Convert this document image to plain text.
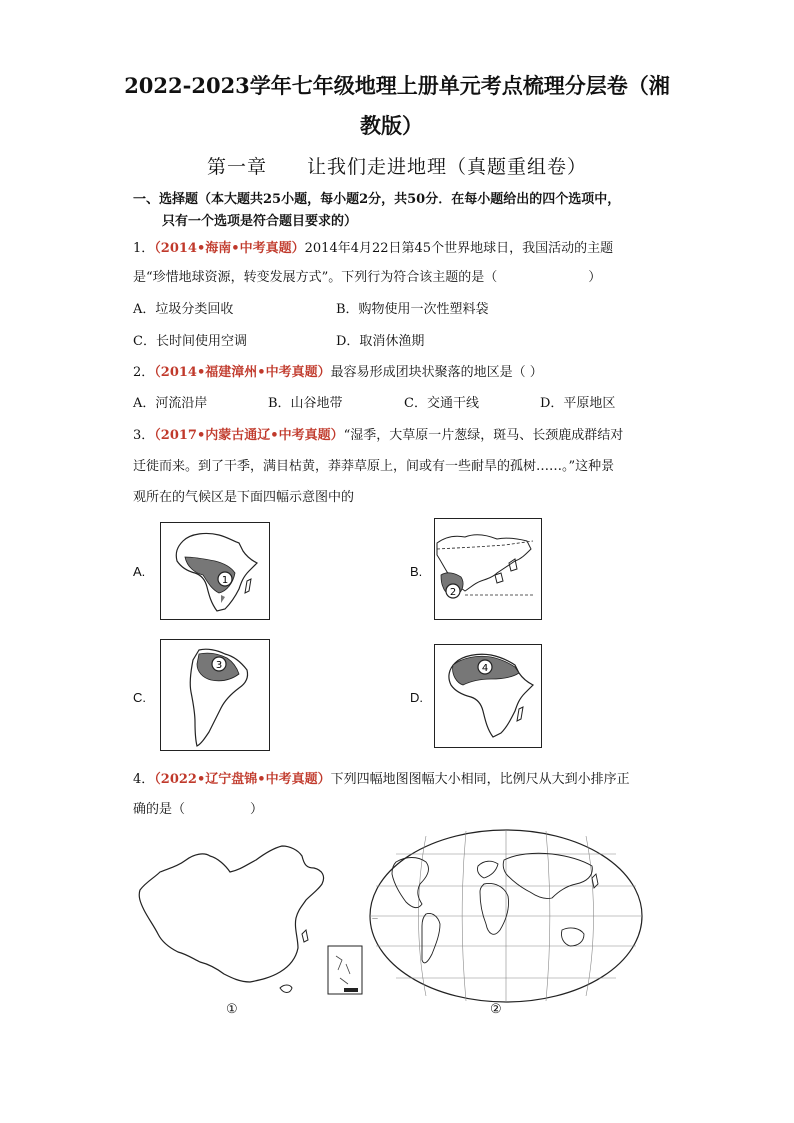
2022-2023学年七年级地理上册单元考点梳理分层卷（湘
教版）
第一章　　让我们走进地理（真题重组卷）
一、选择题（本大题共25小题，每小题2分，共50分．在每小题给出的四个选项中，
只有一个选项是符合题目要求的）
1．（2014•海南•中考真题）2014年4月22日第45个世界地球日，我国活动的主题
是“珍惜地球资源，转变发展方式”。下列行为符合该主题的是（　　　　　　　）
A．垃圾分类回收	B．购物使用一次性塑料袋
C．长时间使用空调	D．取消休渔期
2．（2014•福建漳州•中考真题）最容易形成团块状聚落的地区是（ ）
A．河流沿岸	B．山谷地带	C．交通干线	D．平原地区
3．（2017•内蒙古通辽•中考真题）“湿季，大草原一片葱绿，斑马、长颈鹿成群结对
迁徙而来。到了干季，满目枯黄，莽莽草原上，间或有一些耐旱的孤树……。”这种景
观所在的气候区是下面四幅示意图中的
A.
1
B.
2
C.
3
D.
4
4．（2022•辽宁盘锦•中考真题）下列四幅地图图幅大小相同，比例尺从大到小排序正
确的是（　　　　　）
①
—
②
